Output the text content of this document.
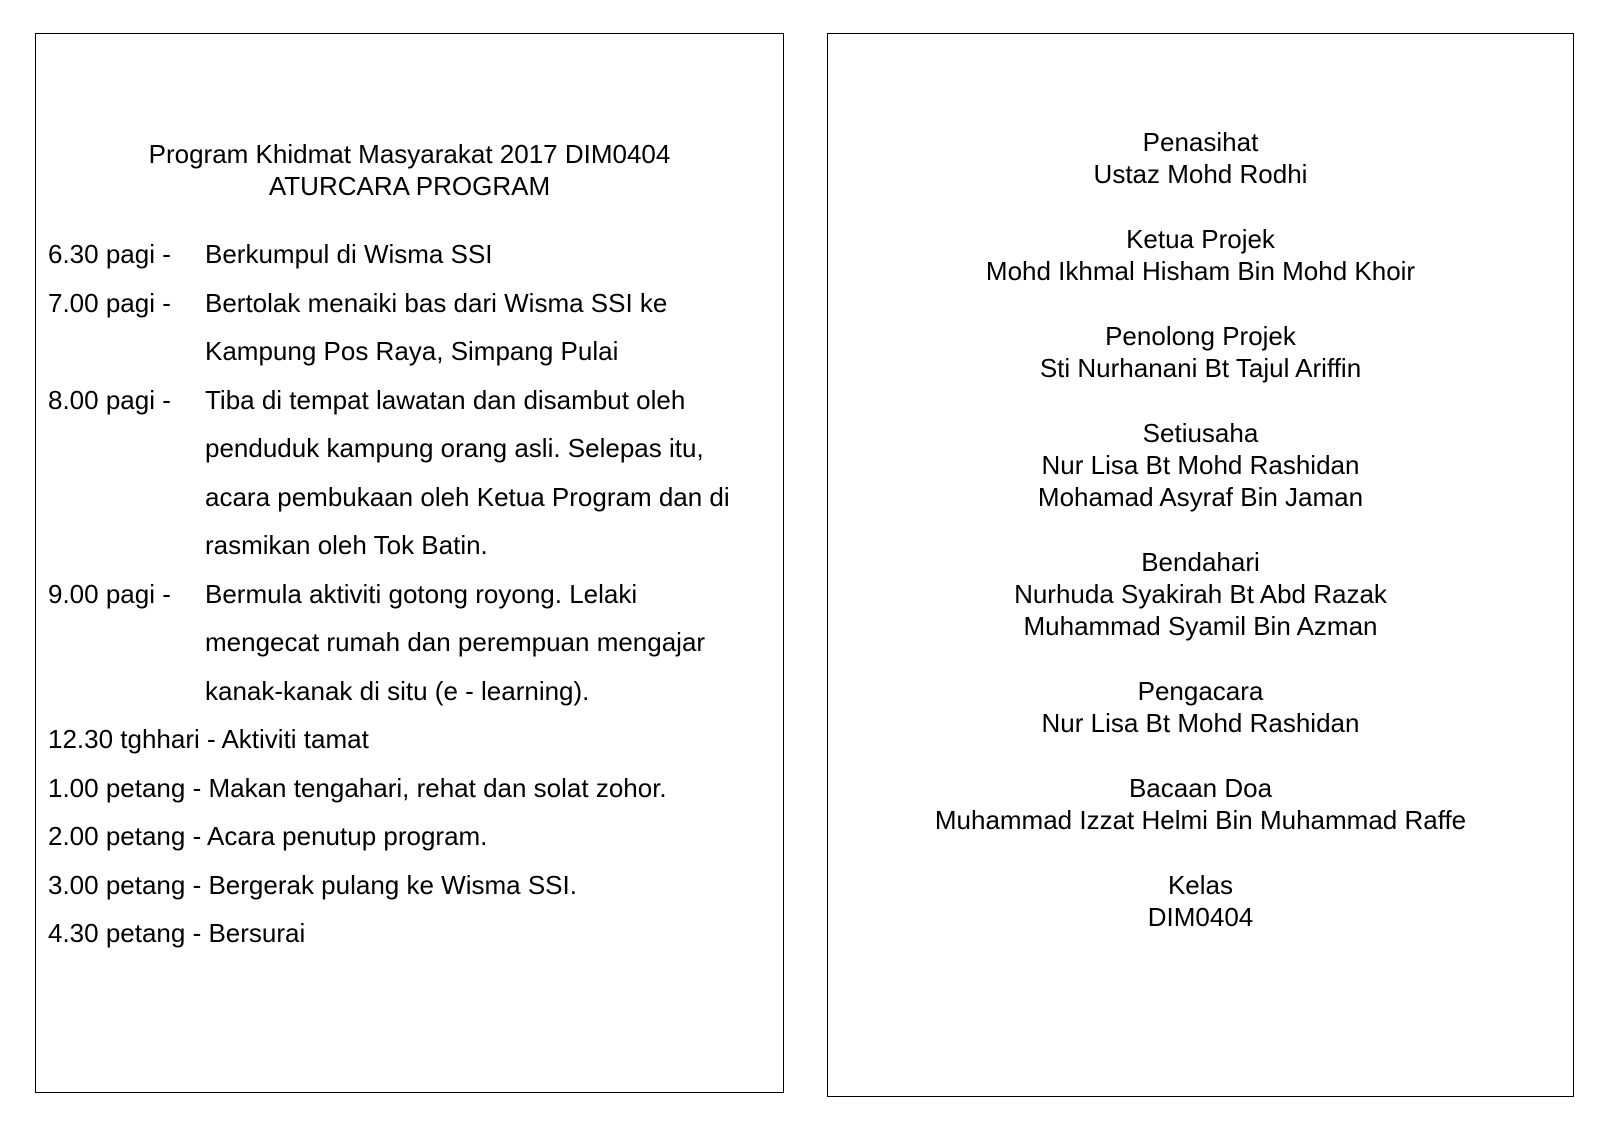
Program Khidmat Masyarakat 2017 DIM0404
ATURCARA PROGRAM
6.30 pagi -	Berkumpul di Wisma SSI
7.00 pagi -	Bertolak menaiki bas dari Wisma SSI ke
Kampung Pos Raya, Simpang Pulai
8.00 pagi -	Tiba di tempat lawatan dan disambut oleh
penduduk kampung orang asli. Selepas itu,
acara pembukaan oleh Ketua Program dan di
rasmikan oleh Tok Batin.
9.00 pagi -	Bermula aktiviti gotong royong. Lelaki
mengecat rumah dan perempuan mengajar
kanak-kanak di situ (e - learning).
12.30 tghhari - Aktiviti tamat
1.00 petang - Makan tengahari, rehat dan solat zohor.
2.00 petang - Acara penutup program.
3.00 petang - Bergerak pulang ke Wisma SSI.
4.30 petang - Bersurai
Penasihat
Ustaz Mohd Rodhi
Ketua Projek
Mohd Ikhmal Hisham Bin Mohd Khoir
Penolong Projek
Sti Nurhanani Bt Tajul Ariffin
Setiusaha
Nur Lisa Bt Mohd Rashidan
Mohamad Asyraf Bin Jaman
Bendahari
Nurhuda Syakirah Bt Abd Razak
Muhammad Syamil Bin Azman
Pengacara
Nur Lisa Bt Mohd Rashidan
Bacaan Doa
Muhammad Izzat Helmi Bin Muhammad Raffe
Kelas
DIM0404
